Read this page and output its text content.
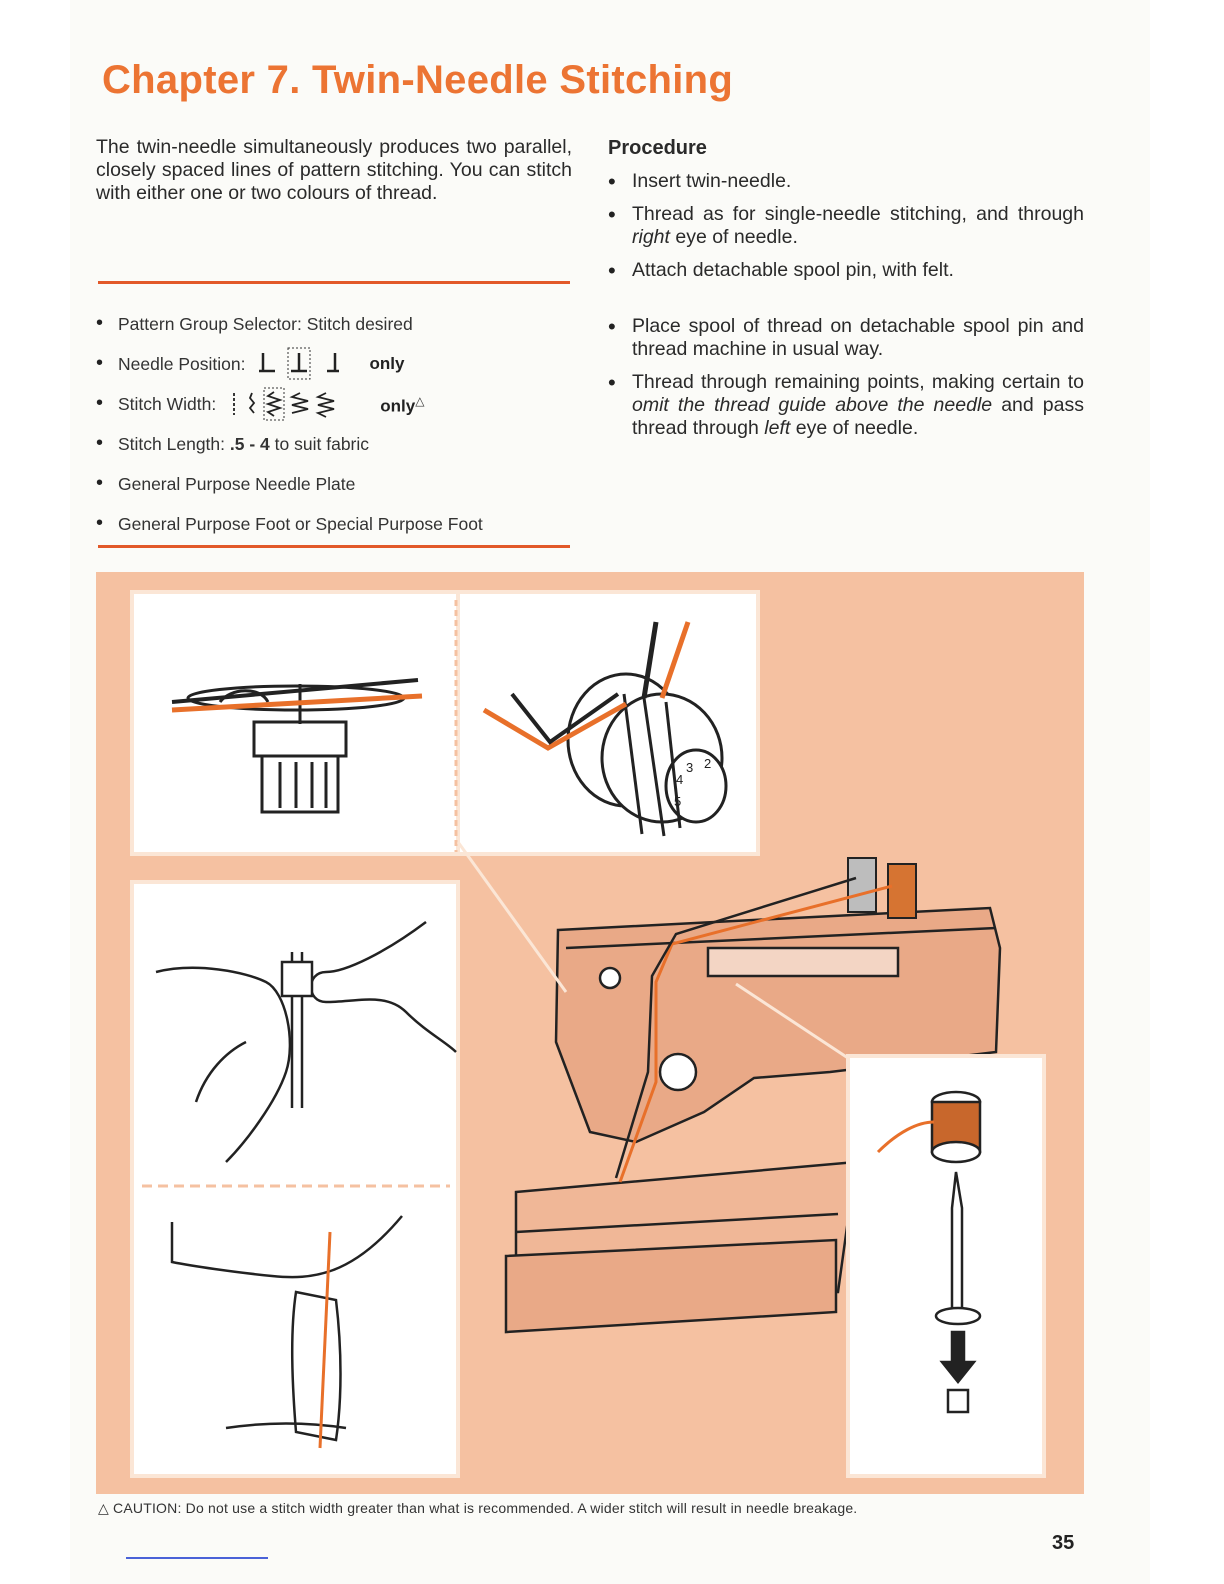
Chapter 7. Twin-Needle Stitching

The twin-needle simultaneously produces two parallel, closely spaced lines of pattern stitching. You can stitch with either one or two colours of thread.

• Pattern Group Selector: Stitch desired
• Needle Position:	only
• Stitch Width:	only△
• Stitch Length:
.5 - 4
to suit fabric
• General Purpose Needle Plate
• General Purpose Foot or Special Purpose Foot
Procedure
• Insert twin-needle.
• Thread as for single-needle stitching, and through right eye of needle.
• Attach detachable spool pin, with felt.
• Place spool of thread on detachable spool pin and thread machine in usual way.
• Thread through remaining points, making certain to omit the thread guide above the needle and pass thread through left eye of needle.
2
3
4
5

△ CAUTION: Do not use a stitch width greater than what is recommended. A wider stitch will result in needle breakage.

35
